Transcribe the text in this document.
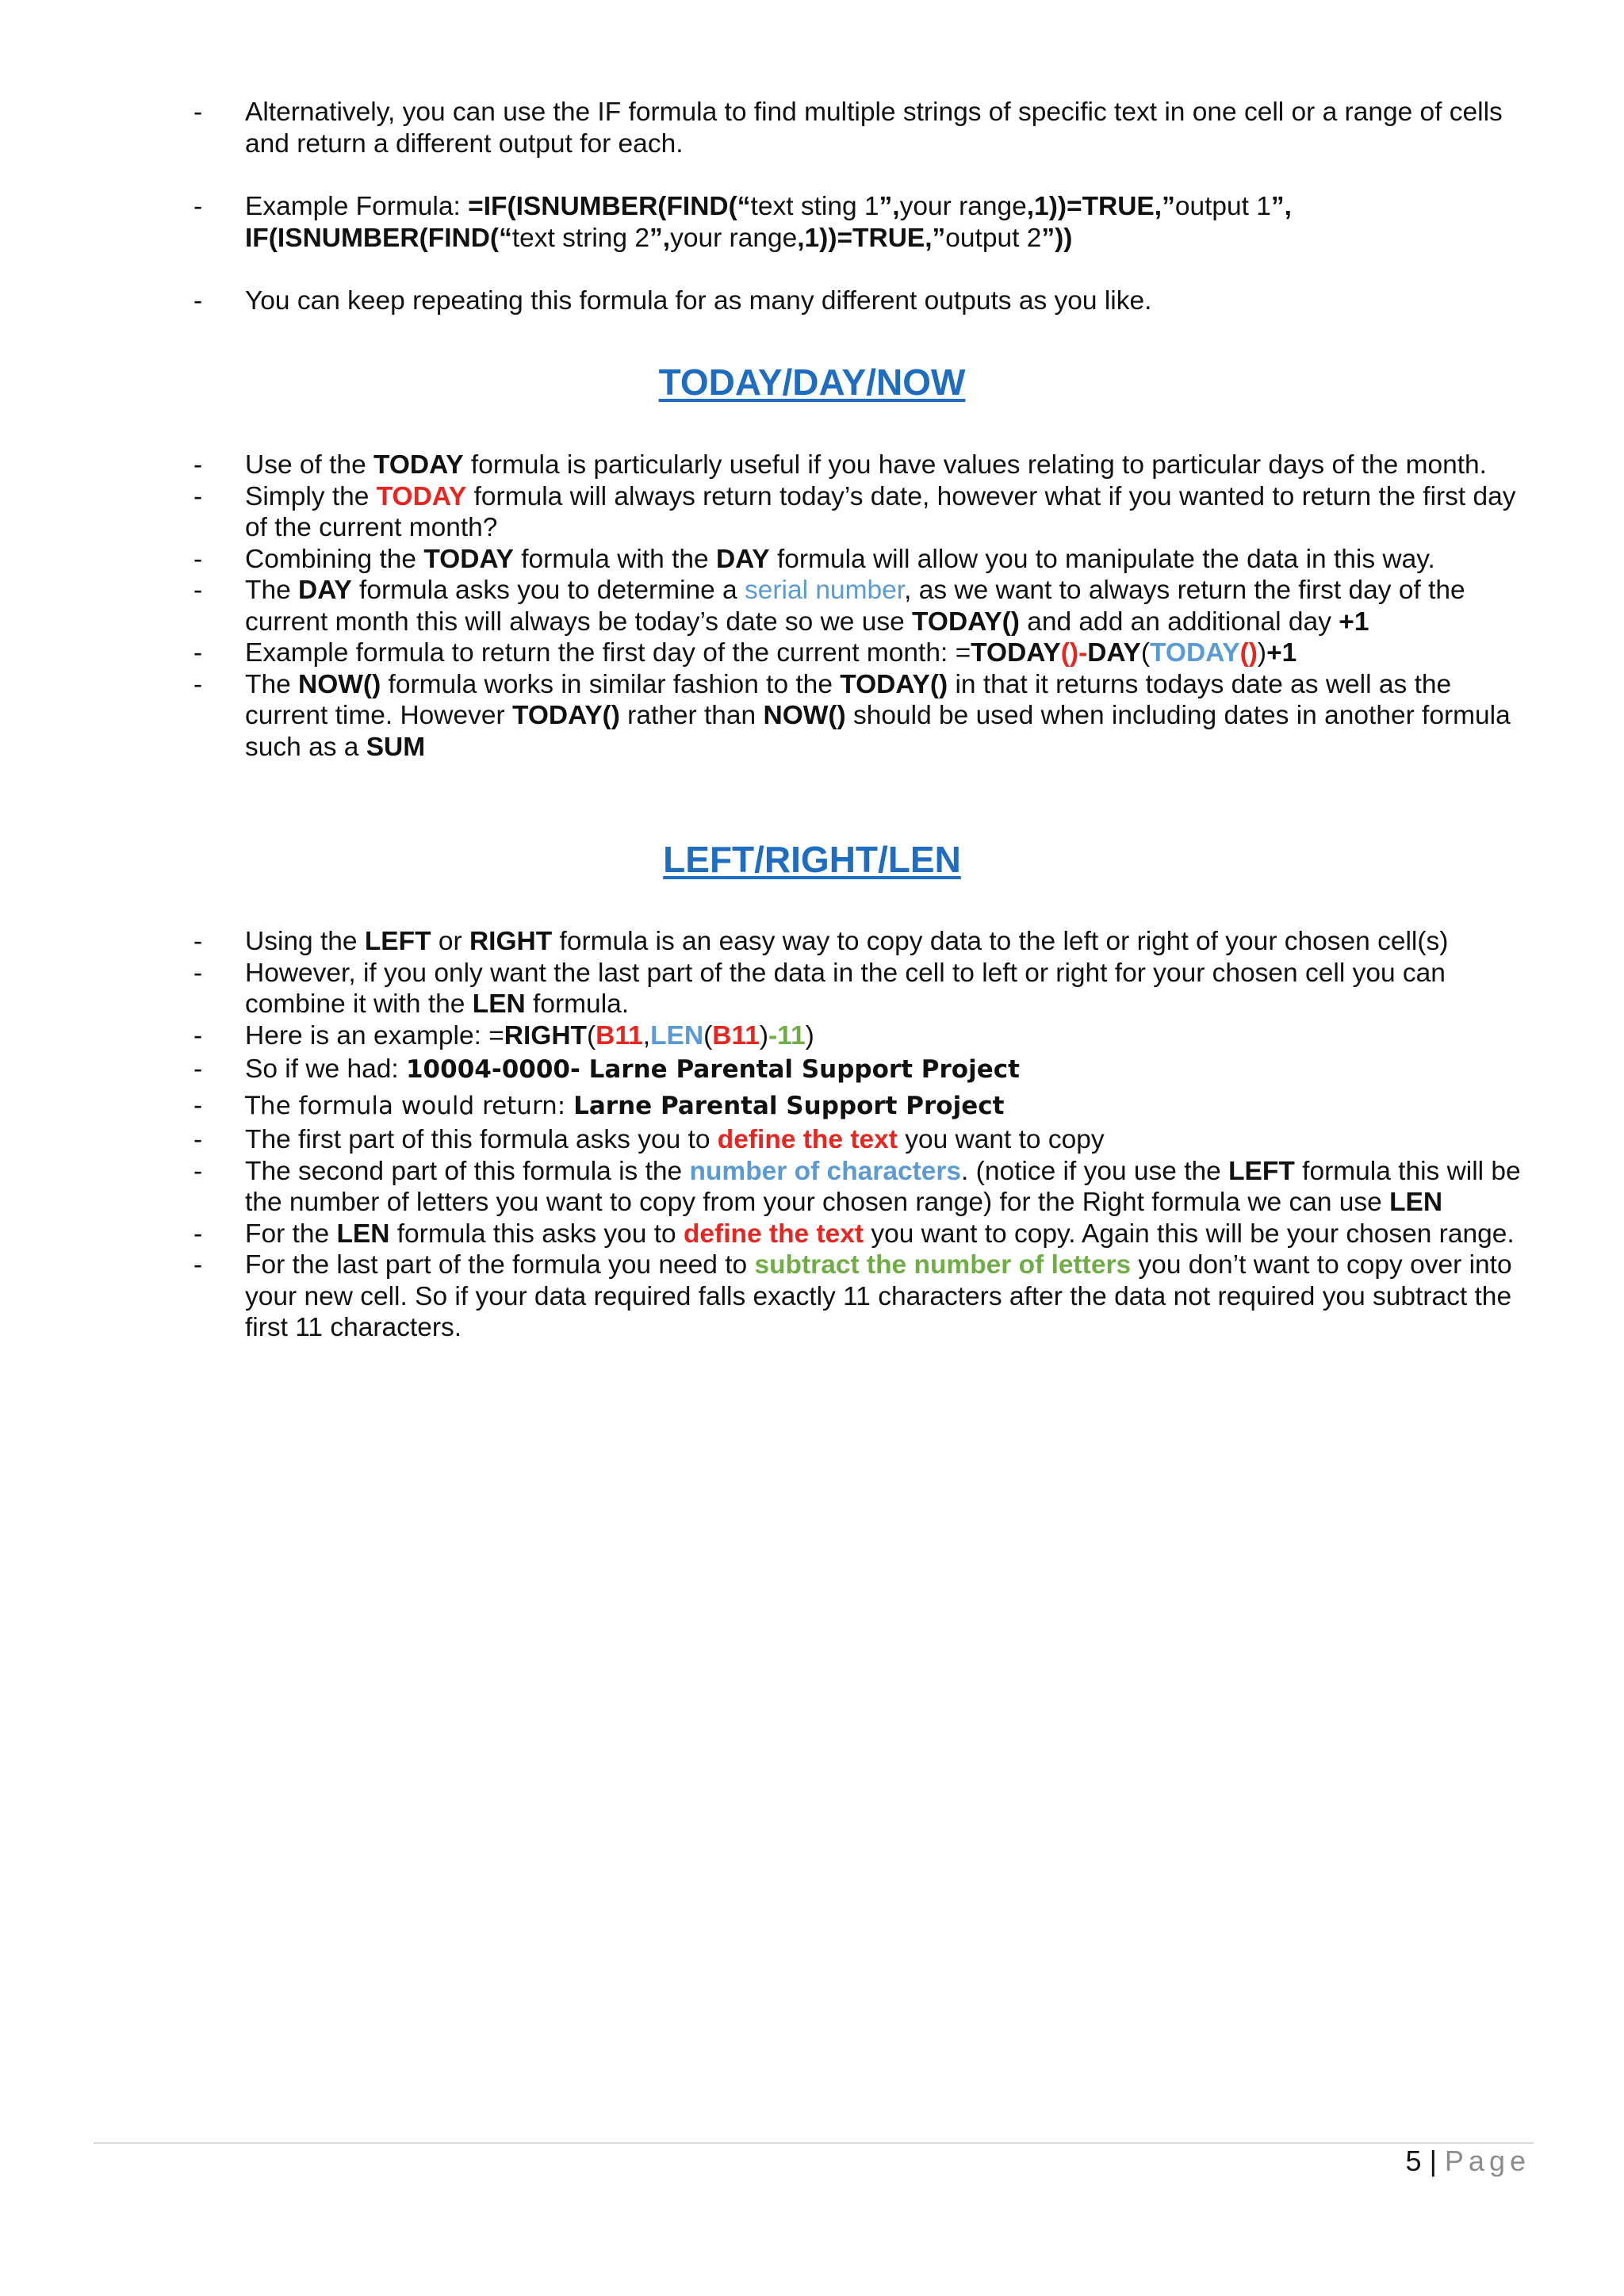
- Alternatively, you can use the IF formula to find multiple strings of specific text in one cell or a range of cells and return a different output for each.
- Example Formula: =IF(ISNUMBER(FIND(“text sting 1”,your range,1))=TRUE,”output 1”,
IF(ISNUMBER(FIND(“text string 2”,your range,1))=TRUE,”output 2”))
- You can keep repeating this formula for as many different outputs as you like.
TODAY/DAY/NOW
- Use of the TODAY formula is particularly useful if you have values relating to particular days of the month.
- Simply the TODAY formula will always return today’s date, however what if you wanted to return the first day of the current month?
- Combining the TODAY formula with the DAY formula will allow you to manipulate the data in this way.
- The DAY formula asks you to determine a serial number, as we want to always return the first day of the current month this will always be today’s date so we use TODAY() and add an additional day +1
- Example formula to return the first day of the current month: =TODAY()-DAY(TODAY())+1
- The NOW() formula works in similar fashion to the TODAY() in that it returns todays date as well as the current time. However TODAY() rather than NOW() should be used when including dates in another formula such as a SUM
LEFT/RIGHT/LEN
- Using the LEFT or RIGHT formula is an easy way to copy data to the left or right of your chosen cell(s)
- However, if you only want the last part of the data in the cell to left or right for your chosen cell you can combine it with the LEN formula.
- Here is an example: =RIGHT(B11,LEN(B11)-11)
- So if we had: 10004-0000- Larne Parental Support Project
- The formula would return: Larne Parental Support Project
- The first part of this formula asks you to define the text you want to copy
- The second part of this formula is the number of characters. (notice if you use the LEFT formula this will be the number of letters you want to copy from your chosen range) for the Right formula we can use LEN
- For the LEN formula this asks you to define the text you want to copy. Again this will be your chosen range.
- For the last part of the formula you need to subtract the number of letters you don’t want to copy over into your new cell. So if your data required falls exactly 11 characters after the data not required you subtract the first 11 characters.
5 | Page
